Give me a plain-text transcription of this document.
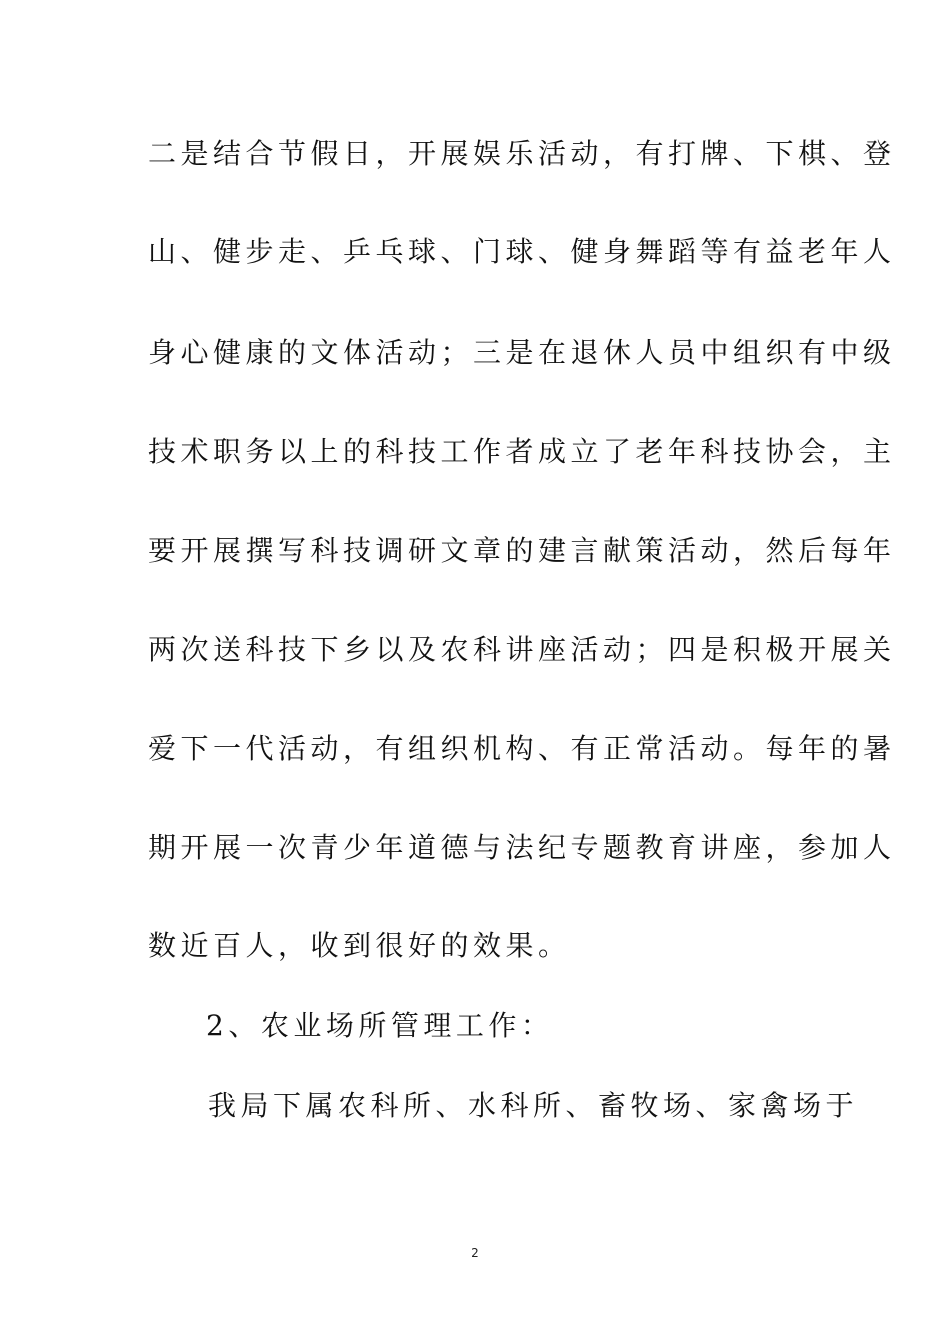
二是结合节假日，开展娱乐活动，有打牌、下棋、登
山、健步走、乒乓球、门球、健身舞蹈等有益老年人
身心健康的文体活动；三是在退休人员中组织有中级
技术职务以上的科技工作者成立了老年科技协会，主
要开展撰写科技调研文章的建言献策活动，然后每年
两次送科技下乡以及农科讲座活动；四是积极开展关
爱下一代活动，有组织机构、有正常活动。每年的暑
期开展一次青少年道德与法纪专题教育讲座，参加人
数近百人，收到很好的效果。
2、农业场所管理工作：
我局下属农科所、水科所、畜牧场、家禽场于
2
